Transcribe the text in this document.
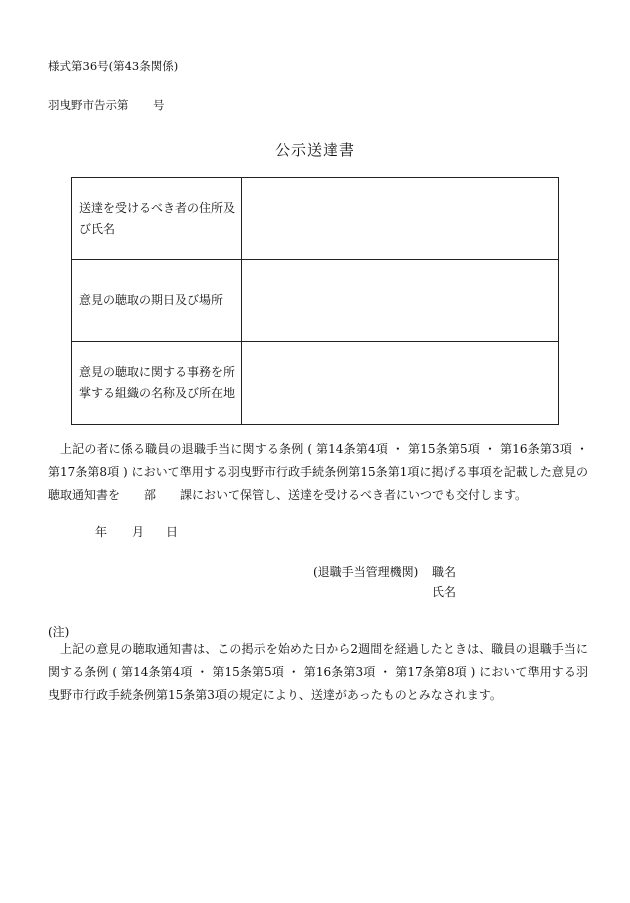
様式第36号(第43条関係)
羽曳野市告示第 号
公示送達書
送達を受けるべき者の住所及び氏名	
意見の聴取の期日及び場所	
意見の聴取に関する事務を所掌する組織の名称及び所在地	
上記の者に係る職員の退職手当に関する条例 ( 第14条第4項 ・ 第15条第5項 ・ 第16条第3項 ・ 第17条第8項 ) において準用する羽曳野市行政手続条例第15条第1項に掲げる事項を記載した意見の聴取通知書を　　部　　課において保管し、送達を受けるべき者にいつでも交付します。
年 月 日
(退職手当管理機関) 職名
氏名
(注)
上記の意見の聴取通知書は、この掲示を始めた日から2週間を経過したときは、職員の退職手当に関する条例 ( 第14条第4項 ・ 第15条第5項 ・ 第16条第3項 ・ 第17条第8項 ) において準用する羽曳野市行政手続条例第15条第3項の規定により、送達があったものとみなされます。
